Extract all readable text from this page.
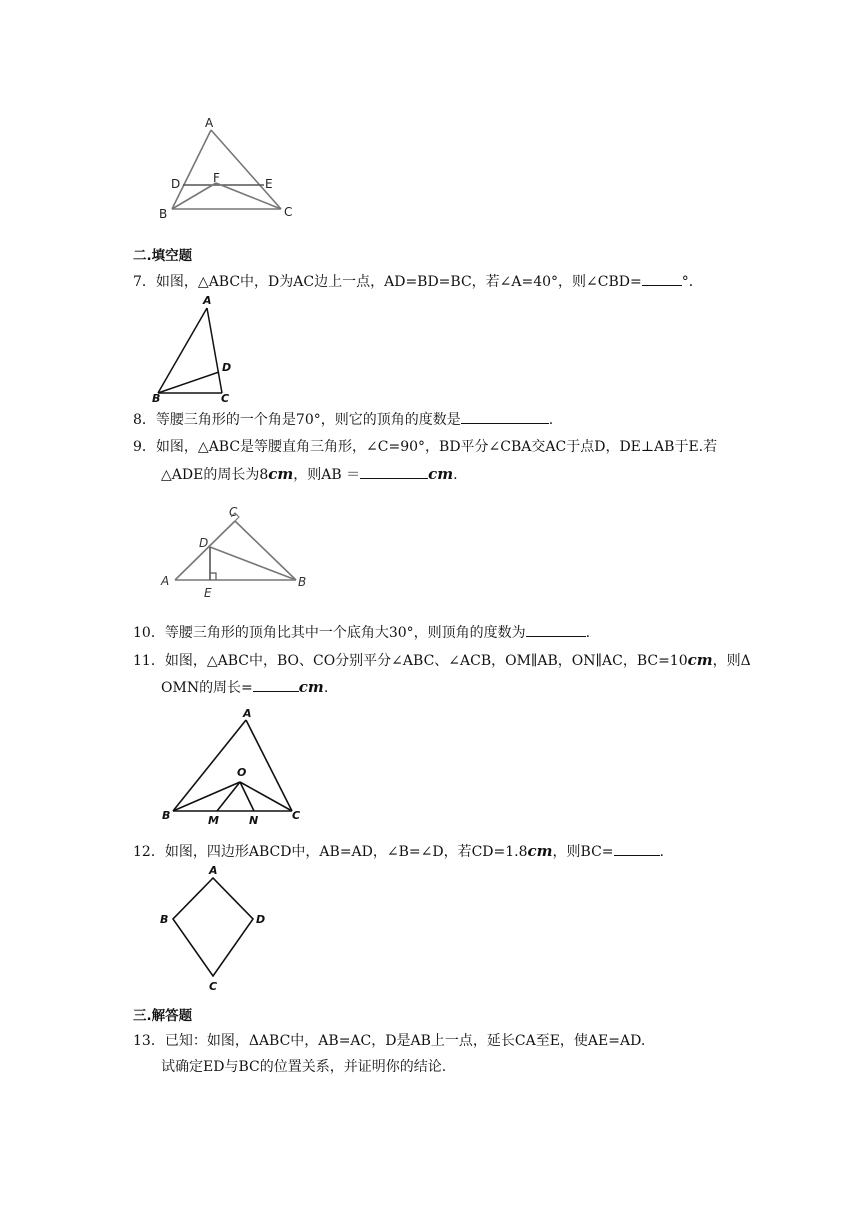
A
D	F	E
B	C
二.填空题
7．如图，△ABC中，D为AC边上一点，AD=BD=BC，若∠A=40°，则∠CBD=	°．
A
D
B	C
8．等腰三角形的一个角是70°，则它的顶角的度数是	.
9．如图，△ABC是等腰直角三角形，∠C=90°，BD平分∠CBA交AC于点D，DE⊥AB于E.若
△ADE的周长为8cm，则AB ＝	cm.
C
D
A	B
E
10．等腰三角形的顶角比其中一个底角大30°，则顶角的度数为	.
11．如图，△ABC中，BO、CO分别平分∠ABC、∠ACB，OM∥AB，ON∥AC，BC=10cm，则Δ
OMN的周长=	cm.
A
O
B	C
M	N
12．如图，四边形ABCD中，AB=AD，∠B=∠D，若CD=1.8cm，则BC=	.
A
B	D
C
三.解答题
13．已知：如图，ΔABC中，AB=AC，D是AB上一点，延长CA至E，使AE=AD.
试确定ED与BC的位置关系，并证明你的结论.
